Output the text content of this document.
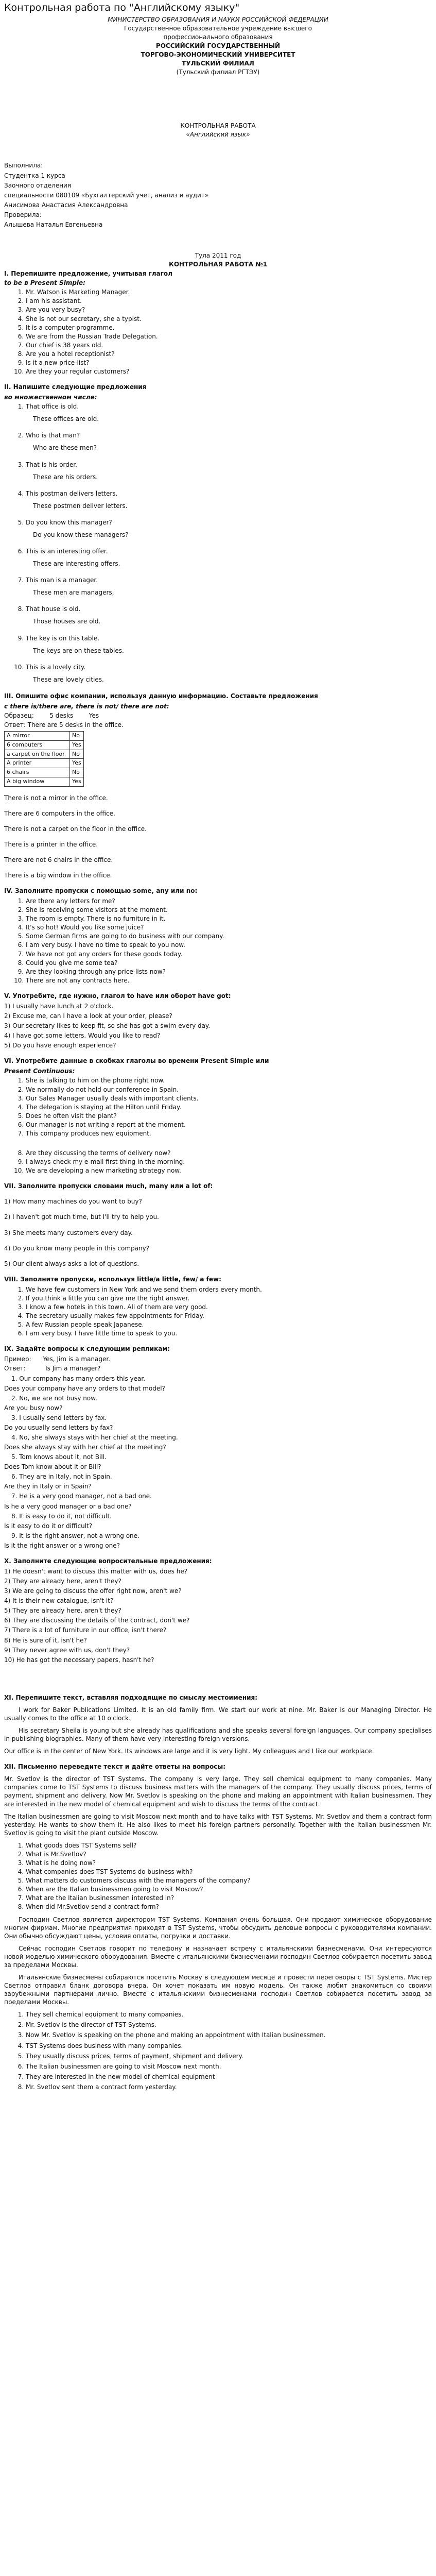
Контрольная работа по "Английскому языку"

МИНИСТЕРСТВО ОБРАЗОВАНИЯ И НАУКИ РОССИЙСКОЙ ФЕДЕРАЦИИ

Государственное образовательное учреждение высшего

профессионального образования

РОССИЙСКИЙ ГОСУДАРСТВЕННЫЙ

ТОРГОВО-ЭКОНОМИЧЕСКИЙ УНИВЕРСИТЕТ

ТУЛЬСКИЙ ФИЛИАЛ

(Тульский филиал РГТЭУ)

КОНТРОЛЬНАЯ РАБОТА

«Английский язык»

Выполнила:

Студентка 1 курса

Заочного отделения

специальности 080109 «Бухгалтерский учет, анализ и аудит»

Анисимова Анастасия Александровна

Проверила:

Алышева Наталья Евгеньевна

Тула 2011 год

КОНТРОЛЬНАЯ РАБОТА №1

I. Перепишите предложение, учитывая глагол

to be в Present Simple:

1. Mr. Watson is Marketing Manager.
2. I am his assistant.
3. Are you very busy?
4. She is not our secretary, she a typist.
5. It is a computer programme.
6. We are from the Russian Trade Delegation.
7. Our chief is 38 years old.
8. Are you a hotel receptionist?
9. Is it a new price-list?
10. Are they your regular customers?

II. Напишите следующие предложения

во множественном числе:

1. That office is old.
These offices are old.
2. Who is that man?
Who are these men?
3. That is his order.
These are his orders.
4. This postman delivers letters.
These postmen deliver letters.
5. Do you know this manager?
Do you know these managers?
6. This is an interesting offer.
These are interesting offers.
7. This man is a manager.
These men are managers,
8. That house is old.
Those houses are old.
9. The key is on this table.
The keys are on these tables.
10. This is a lovely city.
These are lovely cities.

III. Опишите офис компании, используя данную информацию. Составьте предложения

с there is/there are, there is not/ there are not:

Образец:	5 desks	Yes

Ответ: There are 5 desks in the office.

A mirror	No
6 computers	Yes
a carpet on the floor	No
A printer	Yes
6 chairs	No
A big window	Yes

There is not a mirror in the office.

There are 6 computers in the office.

There is not a carpet on the floor in the office.

There is a printer in the office.

There are not 6 chairs in the office.

There is a big window in the office.

IV. Заполните пропуски с помощью some, any или no:

1. Are there any letters for me?
2. She is receiving some visitors at the moment.
3. The room is empty. There is no furniture in it.
4. It's so hot! Would you like some juice?
5. Some German firms are going to do business with our company.
6. I am very busy. I have no time to speak to you now.
7. We have not got any orders for these goods today.
8. Could you give me some tea?
9. Are they looking through any price-lists now?
10. There are not any contracts here.

V. Употребите, где нужно, глагол to have или оборот have got:

1) I usually have lunch at 2 o'clock.

2) Excuse me, can I have a look at your order, please?

3) Our secretary likes to keep fit, so she has got a swim every day.

4) I have got some letters. Would you like to read?

5) Do you have enough experience?

VI. Употребите данные в скобках глаголы во времени Present Simple или

Present Continuous:

1. She is talking to him on the phone right now.
2. We normally do not hold our conference in Spain.
3. Our Sales Manager usually deals with important clients.
4. The delegation is staying at the Hilton until Friday.
5. Does he often visit the plant?
6. Our manager is not writing a report at the moment.
7. This company produces new equipment.
8. Are they discussing the terms of delivery now?
9. I always check my e-mail first thing in the morning.
10. We are developing a new marketing strategy now.

VII. Заполните пропуски словами much, many или a lot of:

1) How many machines do you want to buy?

2) I haven't got much time, but I'll try to help you.

3) She meets many customers every day.

4) Do you know many people in this company?

5) Our client always asks a lot of questions.

VIII. Заполните пропуски, используя little/a little, few/ a few:

1. We have few customers in New York and we send them orders every month.
2. If you think a little you can give me the right answer.
3. I know a few hotels in this town. All of them are very good.
4. The secretary usually makes few appointments for Friday.
5. A few Russian people speak Japanese.
6. I am very busy. I have little time to speak to you.

IX. Задайте вопросы к следующим репликам:

Пример: Yes, Jim is a manager.

Ответ:	Is Jim a manager?

1. Our company has many orders this year.

Does your company have any orders to that model?

2. No, we are not busy now.

Are you busy now?

3. I usually send letters by fax.

Do you usually send letters by fax?

4. No, she always stays with her chief at the meeting.

Does she always stay with her chief at the meeting?

5. Tom knows about it, not Bill.

Does Tom know about it or Bill?

6. They are in Italy, not in Spain.

Are they in Italy or in Spain?

7. He is a very good manager, not a bad one.

Is he a very good manager or a bad one?

8. It is easy to do it, not difficult.

Is it easy to do it or difficult?

9. It is the right answer, not a wrong one.

Is it the right answer or a wrong one?

X. Заполните следующие вопросительные предложения:

1) He doesn't want to discuss this matter with us, does he?

2) They are already here, aren't they?

3) We are going to discuss the offer right now, aren't we?

4) It is their new catalogue, isn't it?

5) They are already here, aren't they?

6) They are discussing the details of the contract, don't we?

7) There is a lot of furniture in our office, isn't there?

8) He is sure of it, isn't he?

9) They never agree with us, don't they?

10) He has got the necessary papers, hasn't he?

XI. Перепишите текст, вставляя подходящие по смыслу местоимения:

I work for Baker Publications Limited. It is an old family firm. We start our work at nine. Mr. Baker is our Managing Director. He usually comes to the office at 10 o'clock.

His secretary Sheila is young but she already has qualifications and she speaks several foreign languages. Our company specialises in publishing biographies. Many of them have very interesting foreign versions.

Our office is in the center of New York. Its windows are large and it is very light. My colleagues and I like our workplace.

XII. Письменно переведите текст и дайте ответы на вопросы:

Mr. Svetlov is the director of TST Systems. The company is very large. They sell chemical equipment to many companies. Many companies come to TST Systems to discuss business matters with the managers of the company. They usually discuss prices, terms of payment, shipment and delivery. Now Mr. Svetlov is speaking on the phone and making an appointment with Italian businessmen. They are interested in the new model of chemical equipment and wish to discuss the terms of the contract.

The Italian businessmen are going to visit Moscow next month and to have talks with TST Systems. Mr. Svetlov and them a contract form yesterday. He wants to show them it. He also likes to meet his foreign partners personally. Together with the Italian businessmen Mr. Svetlov is going to visit the plant outside Moscow.

1. What goods does TST Systems sell?
2. What is Mr.Svetlov?
3. What is he doing now?
4. What companies does TST Systems do business with?
5. What matters do customers discuss with the managers of the company?
6. When are the Italian businessmen going to visit Moscow?
7. What are the Italian businessmen interested in?
8. When did Mr.Svetlov send a contract form?

Господин Светлов является директором TST Systems. Компания очень большая. Они продают химическое оборудование многим фирмам. Многие предприятия приходят в TST Systems, чтобы обсудить деловые вопросы с руководителями компании. Они обычно обсуждают цены, условия оплаты, погрузки и доставки.

Сейчас господин Светлов говорит по телефону и назначает встречу с итальянскими бизнесменами. Они интересуются новой моделью химического оборудования. Вместе с итальянскими бизнесменами господин Светлов собирается посетить завод за пределами Москвы.

Итальянские бизнесмены собираются посетить Москву в следующем месяце и провести переговоры с TST Systems. Мистер Светлов отправил бланк договора вчера. Он хочет показать им новую модель. Он также любит знакомиться со своими зарубежными партнерами лично. Вместе с итальянскими бизнесменами господин Светлов собирается посетить завод за пределами Москвы.

1. They sell chemical equipment to many companies.
2. Mr. Svetlov is the director of TST Systems.
3. Now Mr. Svetlov is speaking on the phone and making an appointment with Italian businessmen.
4. TST Systems does business with many companies.
5. They usually discuss prices, terms of payment, shipment and delivery.
6. The Italian businessmen are going to visit Moscow next month.
7. They are interested in the new model of chemical equipment
8. Mr. Svetlov sent them a contract form yesterday.
